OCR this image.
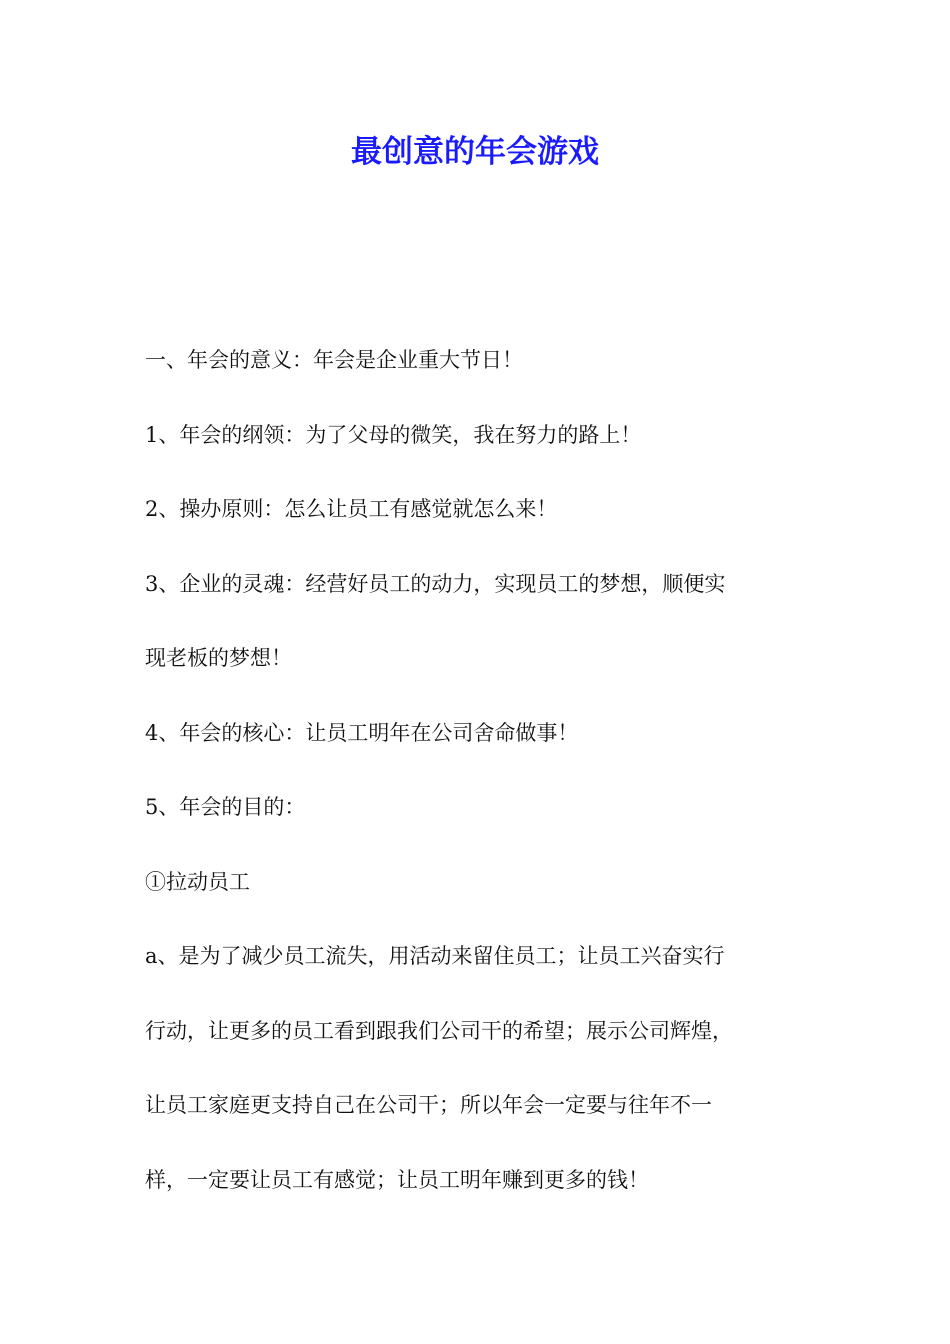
最创意的年会游戏

一、年会的意义：年会是企业重大节日！

1、年会的纲领：为了父母的微笑，我在努力的路上！

2、操办原则：怎么让员工有感觉就怎么来！

3、企业的灵魂：经营好员工的动力，实现员工的梦想，顺便实

现老板的梦想！

4、年会的核心：让员工明年在公司舍命做事！

5、年会的目的：

①拉动员工

a、是为了减少员工流失，用活动来留住员工；让员工兴奋实行

行动，让更多的员工看到跟我们公司干的希望；展示公司辉煌，

让员工家庭更支持自己在公司干；所以年会一定要与往年不一

样，一定要让员工有感觉；让员工明年赚到更多的钱！
